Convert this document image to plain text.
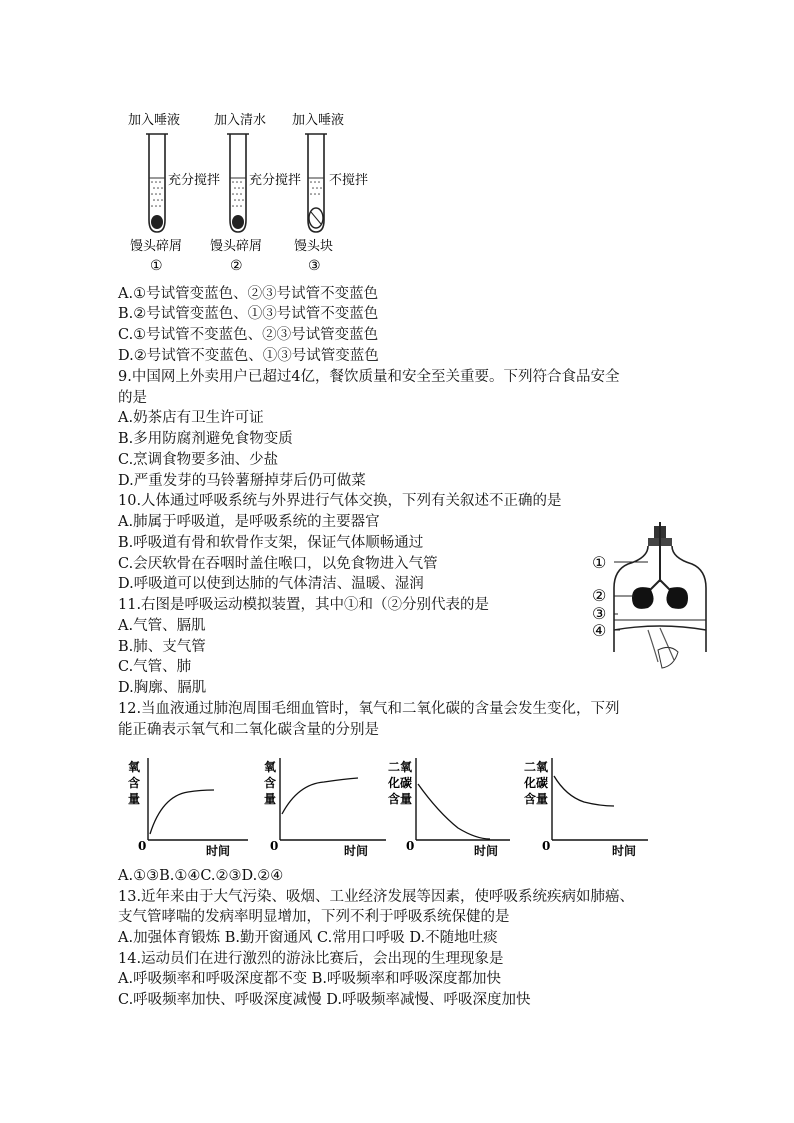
加入唾液
充分搅拌
馒头碎屑
①
加入清水
充分搅拌
馒头碎屑
②
加入唾液
不搅拌
馒头块
③
A.①号试管变蓝色、②③号试管不变蓝色
B.②号试管变蓝色、①③号试管不变蓝色
C.①号试管不变蓝色、②③号试管变蓝色
D.②号试管不变蓝色、①③号试管变蓝色
9.中国网上外卖用户已超过4亿，餐饮质量和安全至关重要。下列符合食品安全
的是
A.奶茶店有卫生许可证
B.多用防腐剂避免食物变质
C.烹调食物要多油、少盐
D.严重发芽的马铃薯掰掉芽后仍可做菜
10.人体通过呼吸系统与外界进行气体交换，下列有关叙述不正确的是
A.肺属于呼吸道，是呼吸系统的主要器官
B.呼吸道有骨和软骨作支架，保证气体顺畅通过
C.会厌软骨在吞咽时盖住喉口，以免食物进入气管
D.呼吸道可以使到达肺的气体清洁、温暖、湿润
11.右图是呼吸运动模拟装置，其中①和（②分别代表的是
A.气管、膈肌
B.肺、支气管
C.气管、肺
D.胸廓、膈肌
①
②
③
④
12.当血液通过肺泡周围毛细血管时，氧气和二氧化碳的含量会发生变化，下列
能正确表示氧气和二氧化碳含量的分别是
氧
含
量
0	时间
氧
含
量
0	时间
二氧
化碳
含量
0	时间
二氧
化碳
含量
0	时间
A.①③B.①④C.②③D.②④
13.近年来由于大气污染、吸烟、工业经济发展等因素，使呼吸系统疾病如肺癌、
支气管哮喘的发病率明显增加，下列不利于呼吸系统保健的是
A.加强体育锻炼 B.勤开窗通风 C.常用口呼吸 D.不随地吐痰
14.运动员们在进行激烈的游泳比赛后，会出现的生理现象是
A.呼吸频率和呼吸深度都不变 B.呼吸频率和呼吸深度都加快
C.呼吸频率加快、呼吸深度减慢 D.呼吸频率减慢、呼吸深度加快
